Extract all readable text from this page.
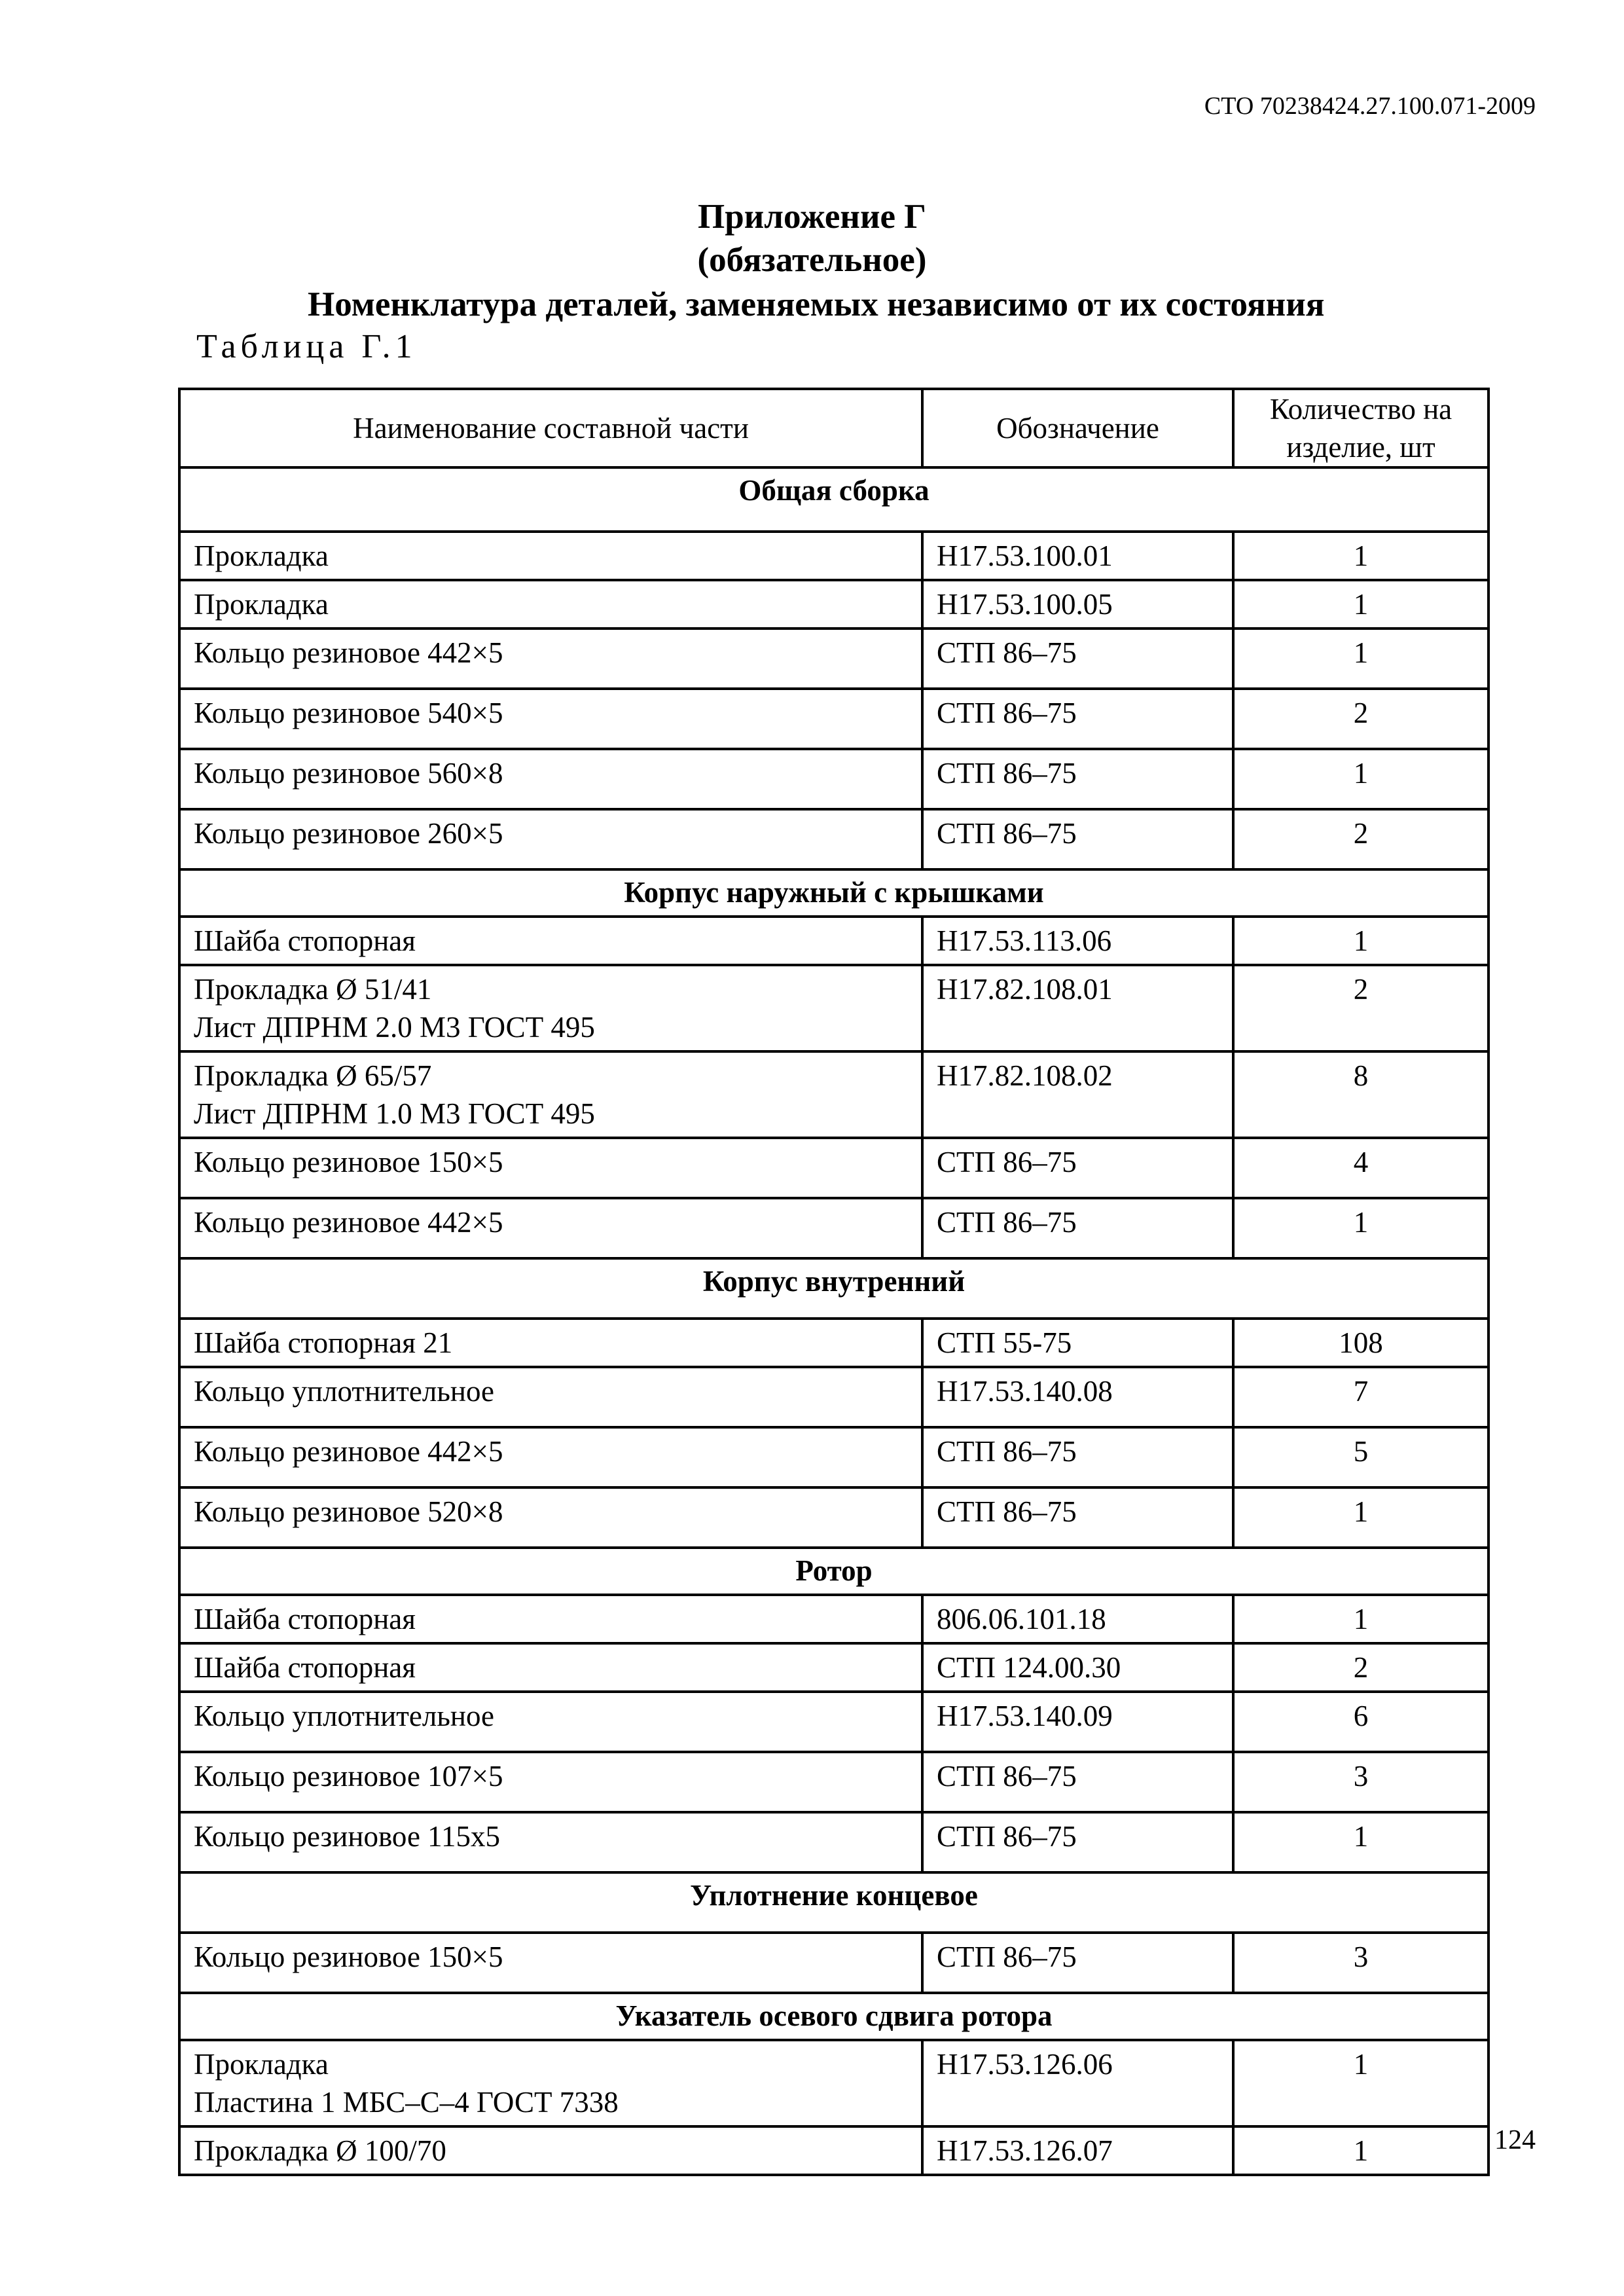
СТО 70238424.27.100.071-2009
Приложение Г
(обязательное)
Номенклатура деталей, заменяемых независимо от их состояния
Таблица Г.1
Наименование составной части	Обозначение	Количество на изделие, шт
Общая сборка		

Прокладка	Н17.53.100.01	1

Прокладка	Н17.53.100.05	1

Кольцо резиновое 442×5	СТП 86–75	1

Кольцо резиновое 540×5	СТП 86–75	2

Кольцо резиновое 560×8	СТП 86–75	1

Кольцо резиновое 260×5	СТП 86–75	2
Корпус наружный с крышками		

Шайба стопорная	Н17.53.113.06	1

Прокладка Ø 51/41
Лист ДПРНМ 2.0 М3 ГОСТ 495	Н17.82.108.01	2

Прокладка Ø 65/57
Лист ДПРНМ 1.0 М3 ГОСТ 495	Н17.82.108.02	8

Кольцо резиновое 150×5	СТП 86–75	4

Кольцо резиновое 442×5	СТП 86–75	1
Корпус внутренний		

Шайба стопорная 21	СТП 55-75	108

Кольцо уплотнительное	Н17.53.140.08	7

Кольцо резиновое 442×5	СТП 86–75	5

Кольцо резиновое 520×8	СТП 86–75	1
Ротор		

Шайба стопорная	806.06.101.18	1

Шайба стопорная	СТП 124.00.30	2

Кольцо уплотнительное	Н17.53.140.09	6

Кольцо резиновое 107×5	СТП 86–75	3

Кольцо резиновое 115х5	СТП 86–75	1
Уплотнение концевое		

Кольцо резиновое 150×5	СТП 86–75	3
Указатель осевого сдвига ротора		

Прокладка
Пластина 1 МБС–С–4 ГОСТ 7338	Н17.53.126.06	1

Прокладка Ø 100/70	Н17.53.126.07	1	124
